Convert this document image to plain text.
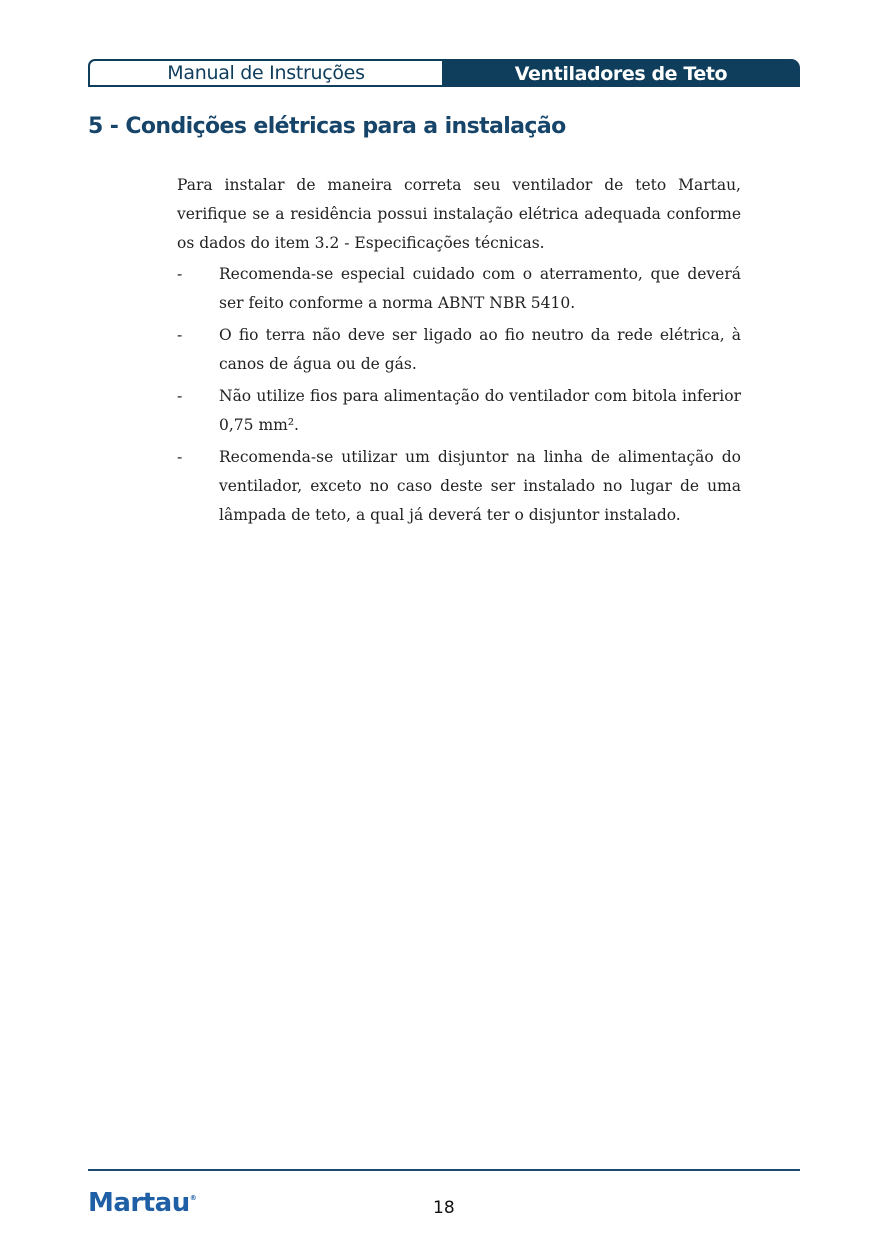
Manual de Instruções	Ventiladores de Teto
5 - Condições elétricas para a instalação

Para instalar de maneira correta seu ventilador de teto Martau, verifique se a residência possui instalação elétrica adequada conforme os dados do item 3.2 - Especificações técnicas.

-	Recomenda-se especial cuidado com o aterramento, que deverá ser feito conforme a norma ABNT NBR 5410.
-	O fio terra não deve ser ligado ao fio neutro da rede elétrica, à canos de água ou de gás.
-	Não utilize fios para alimentação do ventilador com bitola inferior 0,75 mm².
-	Recomenda-se utilizar um disjuntor na linha de alimentação do ventilador, exceto no caso deste ser instalado no lugar de uma lâmpada de teto, a qual já deverá ter o disjuntor instalado.
Martau®	18
